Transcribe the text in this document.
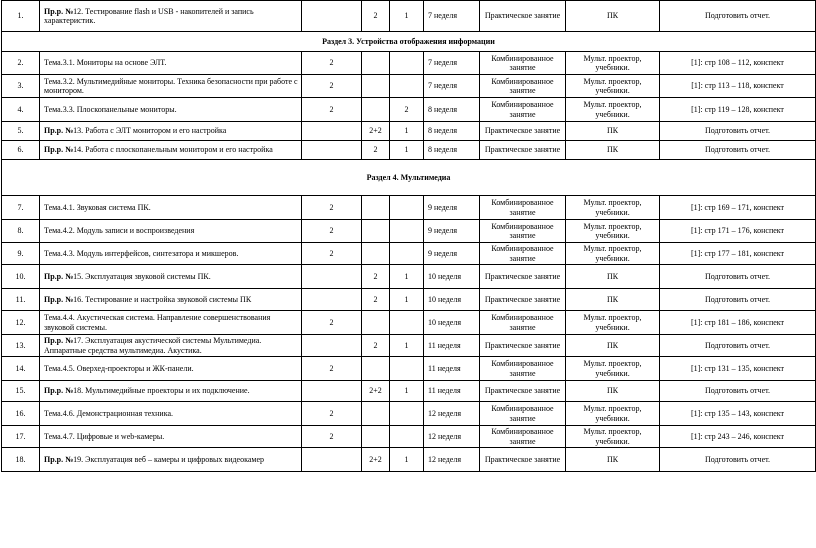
1.	Пр.р. №12. Тестирование flash и USB - накопителей и запись характеристик.		2	1	7 неделя	Практическое занятие	ПК	Подготовить отчет.
Раздел 3. Устройства отображения информации								
2.	Тема.3.1. Мониторы на основе ЭЛТ.	2			7 неделя	Комбинированное занятие	Мульт. проектор, учебники.	[1]: стр 108 – 112, конспект
3.	Тема.3.2. Мультимедийные мониторы. Техника безопасности при работе с монитором.	2			7 неделя	Комбинированное занятие	Мульт. проектор, учебники.	[1]: стр 113 – 118, конспект
4.	Тема.3.3. Плоскопанельные мониторы.	2		2	8 неделя	Комбинированное занятие	Мульт. проектор, учебники.	[1]: стр 119 – 128, конспект
5.	Пр.р. №13. Работа с ЭЛТ монитором и его настройка		2+2	1	8 неделя	Практическое занятие	ПК	Подготовить отчет.
6.	Пр.р. №14. Работа с плоскопанельным монитором и его настройка		2	1	8 неделя	Практическое занятие	ПК	Подготовить отчет.
Раздел 4. Мультимедиа								
7.	Тема.4.1. Звуковая система ПК.	2			9 неделя	Комбинированное занятие	Мульт. проектор, учебники.	[1]: стр 169 – 171, конспект
8.	Тема.4.2. Модуль записи и воспроизведения	2			9 неделя	Комбинированное занятие	Мульт. проектор, учебники.	[1]: стр 171 – 176, конспект
9.	Тема.4.3. Модуль интерфейсов, синтезатора и микшеров.	2			9 неделя	Комбинированное занятие	Мульт. проектор, учебники.	[1]: стр 177 – 181, конспект
10.	Пр.р. №15. Эксплуатация звуковой системы ПК.		2	1	10 неделя	Практическое занятие	ПК	Подготовить отчет.
11.	Пр.р. №16. Тестирование и настройка звуковой системы ПК		2	1	10 неделя	Практическое занятие	ПК	Подготовить отчет.
12.	Тема.4.4. Акустическая система. Направление совершенствования звуковой системы.	2			10 неделя	Комбинированное занятие	Мульт. проектор, учебники.	[1]: стр 181 – 186, конспект
13.	Пр.р. №17. Эксплуатация акустической системы Мультимедиа. Аппаратные средства мультимедиа. Акустика.		2	1	11 неделя	Практическое занятие	ПК	Подготовить отчет.
14.	Тема.4.5. Оверхед-проекторы и ЖК-панели.	2			11 неделя	Комбинированное занятие	Мульт. проектор, учебники.	[1]: стр 131 – 135, конспект
15.	Пр.р. №18. Мультимедийные проекторы и их подключение.		2+2	1	11 неделя	Практическое занятие	ПК	Подготовить отчет.
16.	Тема.4.6. Демонстрационная техника.	2			12 неделя	Комбинированное занятие	Мульт. проектор, учебники.	[1]: стр 135 – 143, конспект
17.	Тема.4.7. Цифровые и web-камеры.	2			12 неделя	Комбинированное занятие	Мульт. проектор, учебники.	[1]: стр 243 – 246, конспект
18.	Пр.р. №19. Эксплуатация веб – камеры и цифровых видеокамер		2+2	1	12 неделя	Практическое занятие	ПК	Подготовить отчет.
